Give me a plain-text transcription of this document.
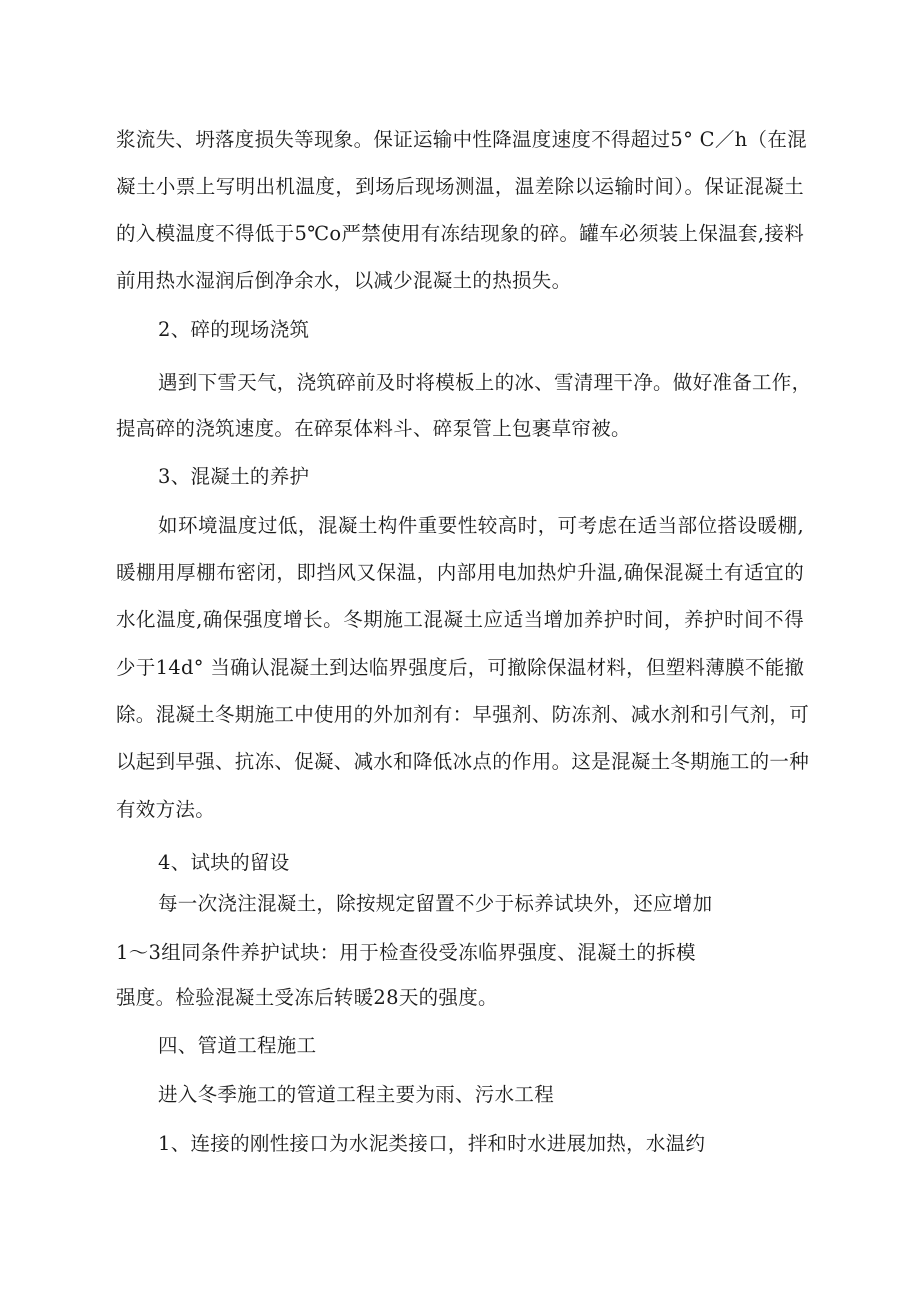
浆流失、坍落度损失等现象。保证运输中性降温度速度不得超过5° C／h（在混
凝土小票上写明出机温度，到场后现场测温，温差除以运输时间）。保证混凝土
的入模温度不得低于5℃o严禁使用有冻结现象的碎。罐车必须装上保温套,接料
前用热水湿润后倒净余水，以减少混凝土的热损失。
2、碎的现场浇筑
遇到下雪天气，浇筑碎前及时将模板上的冰、雪清理干净。做好准备工作，
提高碎的浇筑速度。在碎泵体料斗、碎泵管上包裹草帘被。
3、混凝土的养护
如环境温度过低，混凝土构件重要性较高时，可考虑在适当部位搭设暖棚,
暖棚用厚棚布密闭，即挡风又保温，内部用电加热炉升温,确保混凝土有适宜的
水化温度,确保强度增长。冬期施工混凝土应适当增加养护时间，养护时间不得
少于14d° 当确认混凝土到达临界强度后，可撤除保温材料，但塑料薄膜不能撤
除。混凝土冬期施工中使用的外加剂有：早强剂、防冻剂、减水剂和引气剂，可
以起到早强、抗冻、促凝、减水和降低冰点的作用。这是混凝土冬期施工的一种
有效方法。
4、试块的留设
每一次浇注混凝土，除按规定留置不少于标养试块外，还应增加
1～3组同条件养护试块：用于检查役受冻临界强度、混凝土的拆模
强度。检验混凝土受冻后转暖28天的强度。
四、管道工程施工
进入冬季施工的管道工程主要为雨、污水工程
1、连接的刚性接口为水泥类接口，拌和时水进展加热，水温约
